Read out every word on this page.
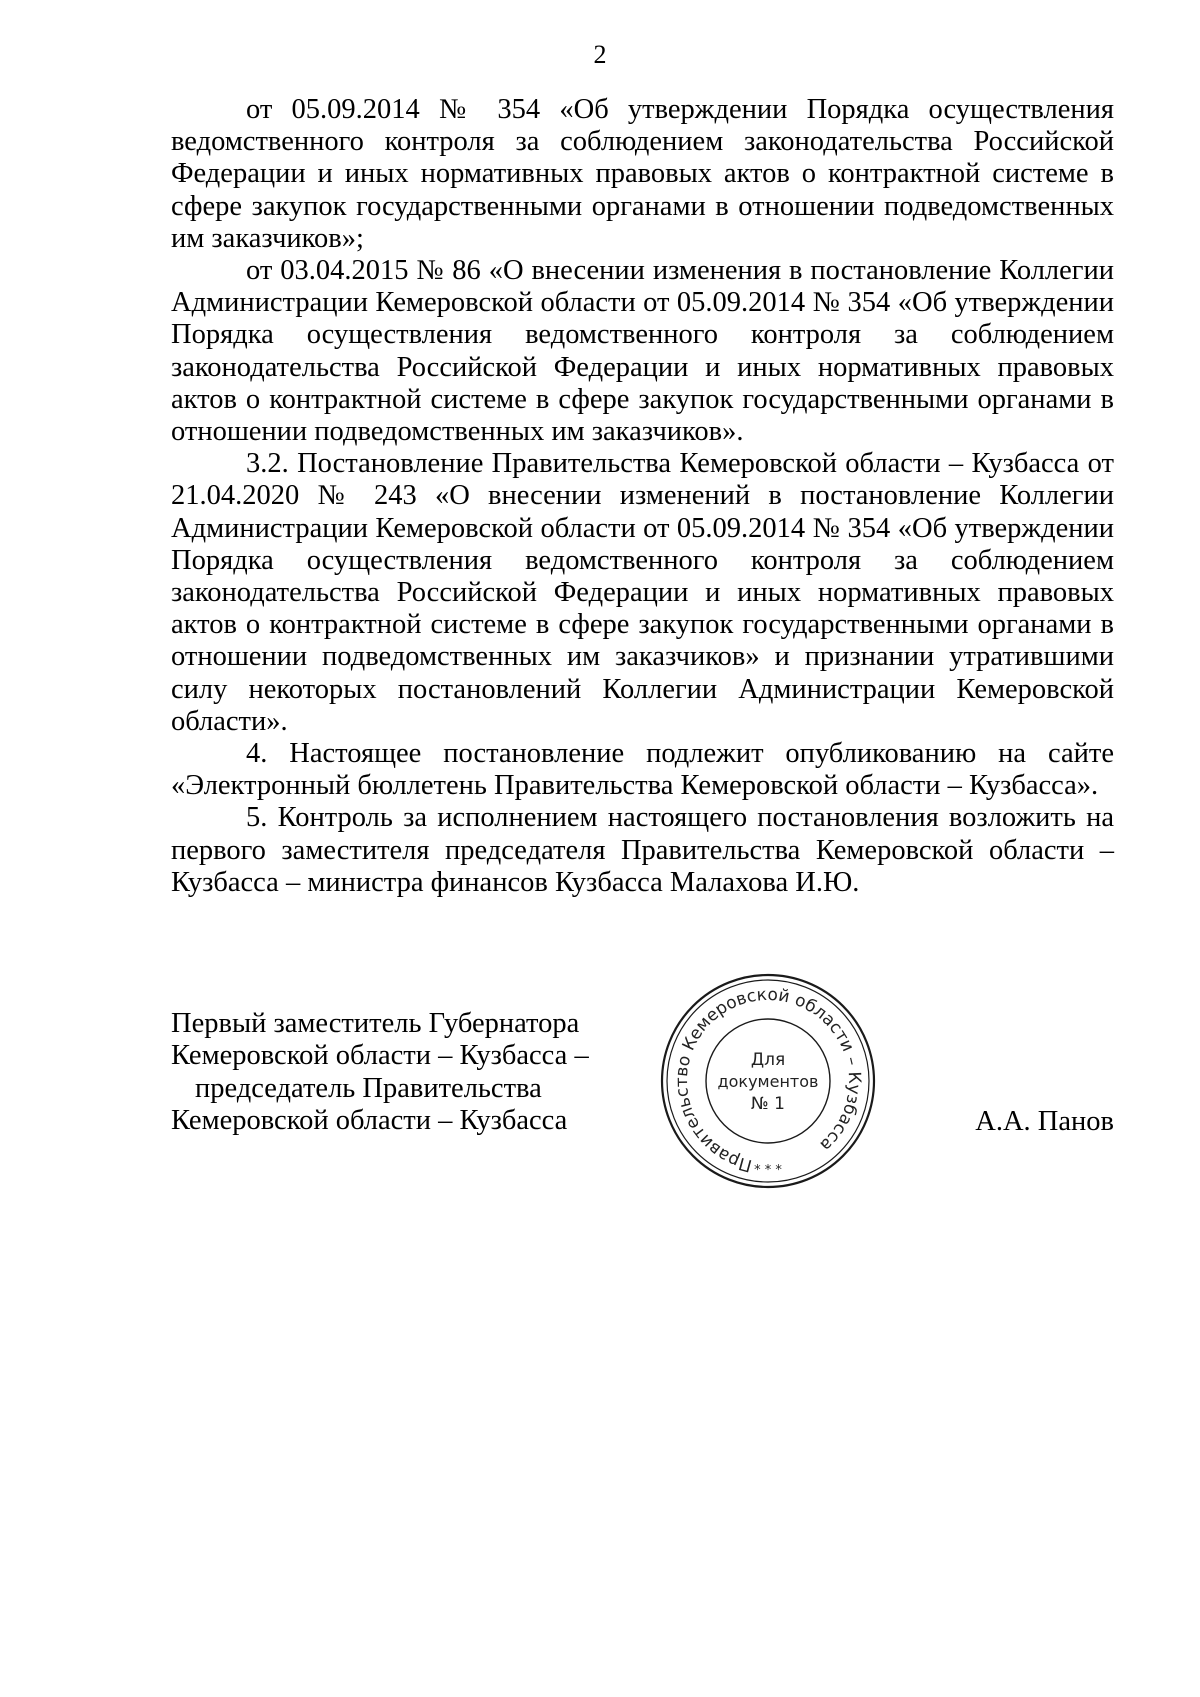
2

от 05.09.2014 № 354 «Об утверждении Порядка осуществления ведомственного контроля за соблюдением законодательства Российской Федерации и иных нормативных правовых актов о контрактной системе в сфере закупок государственными органами в отношении подведомственных им заказчиков»;

от 03.04.2015 № 86 «О внесении изменения в постановление Коллегии Администрации Кемеровской области от 05.09.2014 № 354 «Об утверждении Порядка осуществления ведомственного контроля за соблюдением законодательства Российской Федерации и иных нормативных правовых актов о контрактной системе в сфере закупок государственными органами в отношении подведомственных им заказчиков».

3.2. Постановление Правительства Кемеровской области – Кузбасса от 21.04.2020 № 243 «О внесении изменений в постановление Коллегии Администрации Кемеровской области от 05.09.2014 № 354 «Об утверждении Порядка осуществления ведомственного контроля за соблюдением законодательства Российской Федерации и иных нормативных правовых актов о контрактной системе в сфере закупок государственными органами в отношении подведомственных им заказчиков» и признании утратившими силу некоторых постановлений Коллегии Администрации Кемеровской области».

4. Настоящее постановление подлежит опубликованию на сайте «Электронный бюллетень Правительства Кемеровской области – Кузбасса».

5. Контроль за исполнением настоящего постановления возложить на первого заместителя председателя Правительства Кемеровской области – Кузбасса – министра финансов Кузбасса Малахова И.Ю.

Первый заместитель Губернатора
Кемеровской области – Кузбасса –
председатель Правительства
Кемеровской области – Кузбасса
Правительство Кемеровской области – Кузбасса
Для
документов
№ 1
* * *
А.А. Панов
